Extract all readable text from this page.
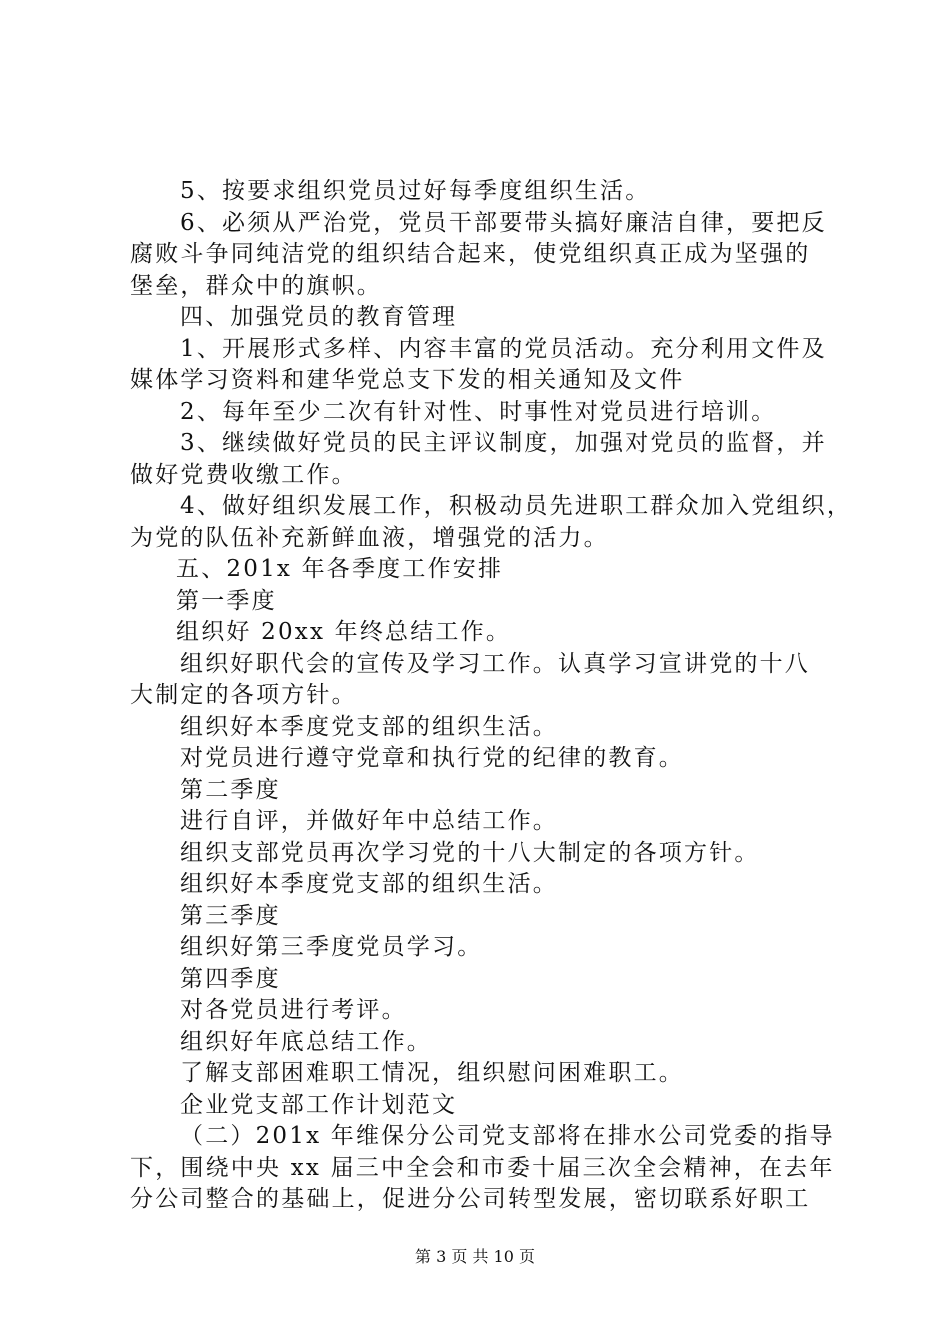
5、按要求组织党员过好每季度组织生活。
6、必须从严治党，党员干部要带头搞好廉洁自律，要把反
腐败斗争同纯洁党的组织结合起来，使党组织真正成为坚强的
堡垒，群众中的旗帜。
四、加强党员的教育管理
1、开展形式多样、内容丰富的党员活动。充分利用文件及
媒体学习资料和建华党总支下发的相关通知及文件
2、每年至少二次有针对性、时事性对党员进行培训。
3、继续做好党员的民主评议制度，加强对党员的监督，并
做好党费收缴工作。
4、做好组织发展工作，积极动员先进职工群众加入党组织，
为党的队伍补充新鲜血液，增强党的活力。
五、201x 年各季度工作安排
第一季度
组织好 20xx 年终总结工作。
组织好职代会的宣传及学习工作。认真学习宣讲党的十八
大制定的各项方针。
组织好本季度党支部的组织生活。
对党员进行遵守党章和执行党的纪律的教育。
第二季度
进行自评，并做好年中总结工作。
组织支部党员再次学习党的十八大制定的各项方针。
组织好本季度党支部的组织生活。
第三季度
组织好第三季度党员学习。
第四季度
对各党员进行考评。
组织好年底总结工作。
了解支部困难职工情况，组织慰问困难职工。
企业党支部工作计划范文
（二）201x 年维保分公司党支部将在排水公司党委的指导
下，围绕中央 xx 届三中全会和市委十届三次全会精神，在去年
分公司整合的基础上，促进分公司转型发展，密切联系好职工
第 3 页 共 10 页
